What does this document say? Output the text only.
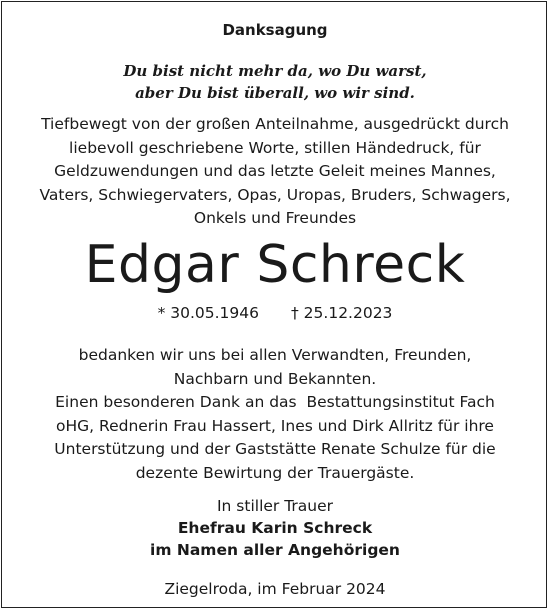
Danksagung
Du bist nicht mehr da, wo Du warst,
aber Du bist überall, wo wir sind.
Tiefbewegt von der großen Anteilnahme, ausgedrückt durch
liebevoll geschriebene Worte, stillen Händedruck, für
Geldzuwendungen und das letzte Geleit meines Mannes,
Vaters, Schwiegervaters, Opas, Uropas, Bruders, Schwagers,
Onkels und Freundes
Edgar Schreck
* 30.05.1946 † 25.12.2023
bedanken wir uns bei allen Verwandten, Freunden,
Nachbarn und Bekannten.
Einen besonderen Dank an das  Bestattungsinstitut Fach
oHG, Rednerin Frau Hassert, Ines und Dirk Allritz für ihre
Unterstützung und der Gaststätte Renate Schulze für die
dezente Bewirtung der Trauergäste.
In stiller Trauer
Ehefrau Karin Schreck
im Namen aller Angehörigen
Ziegelroda, im Februar 2024
